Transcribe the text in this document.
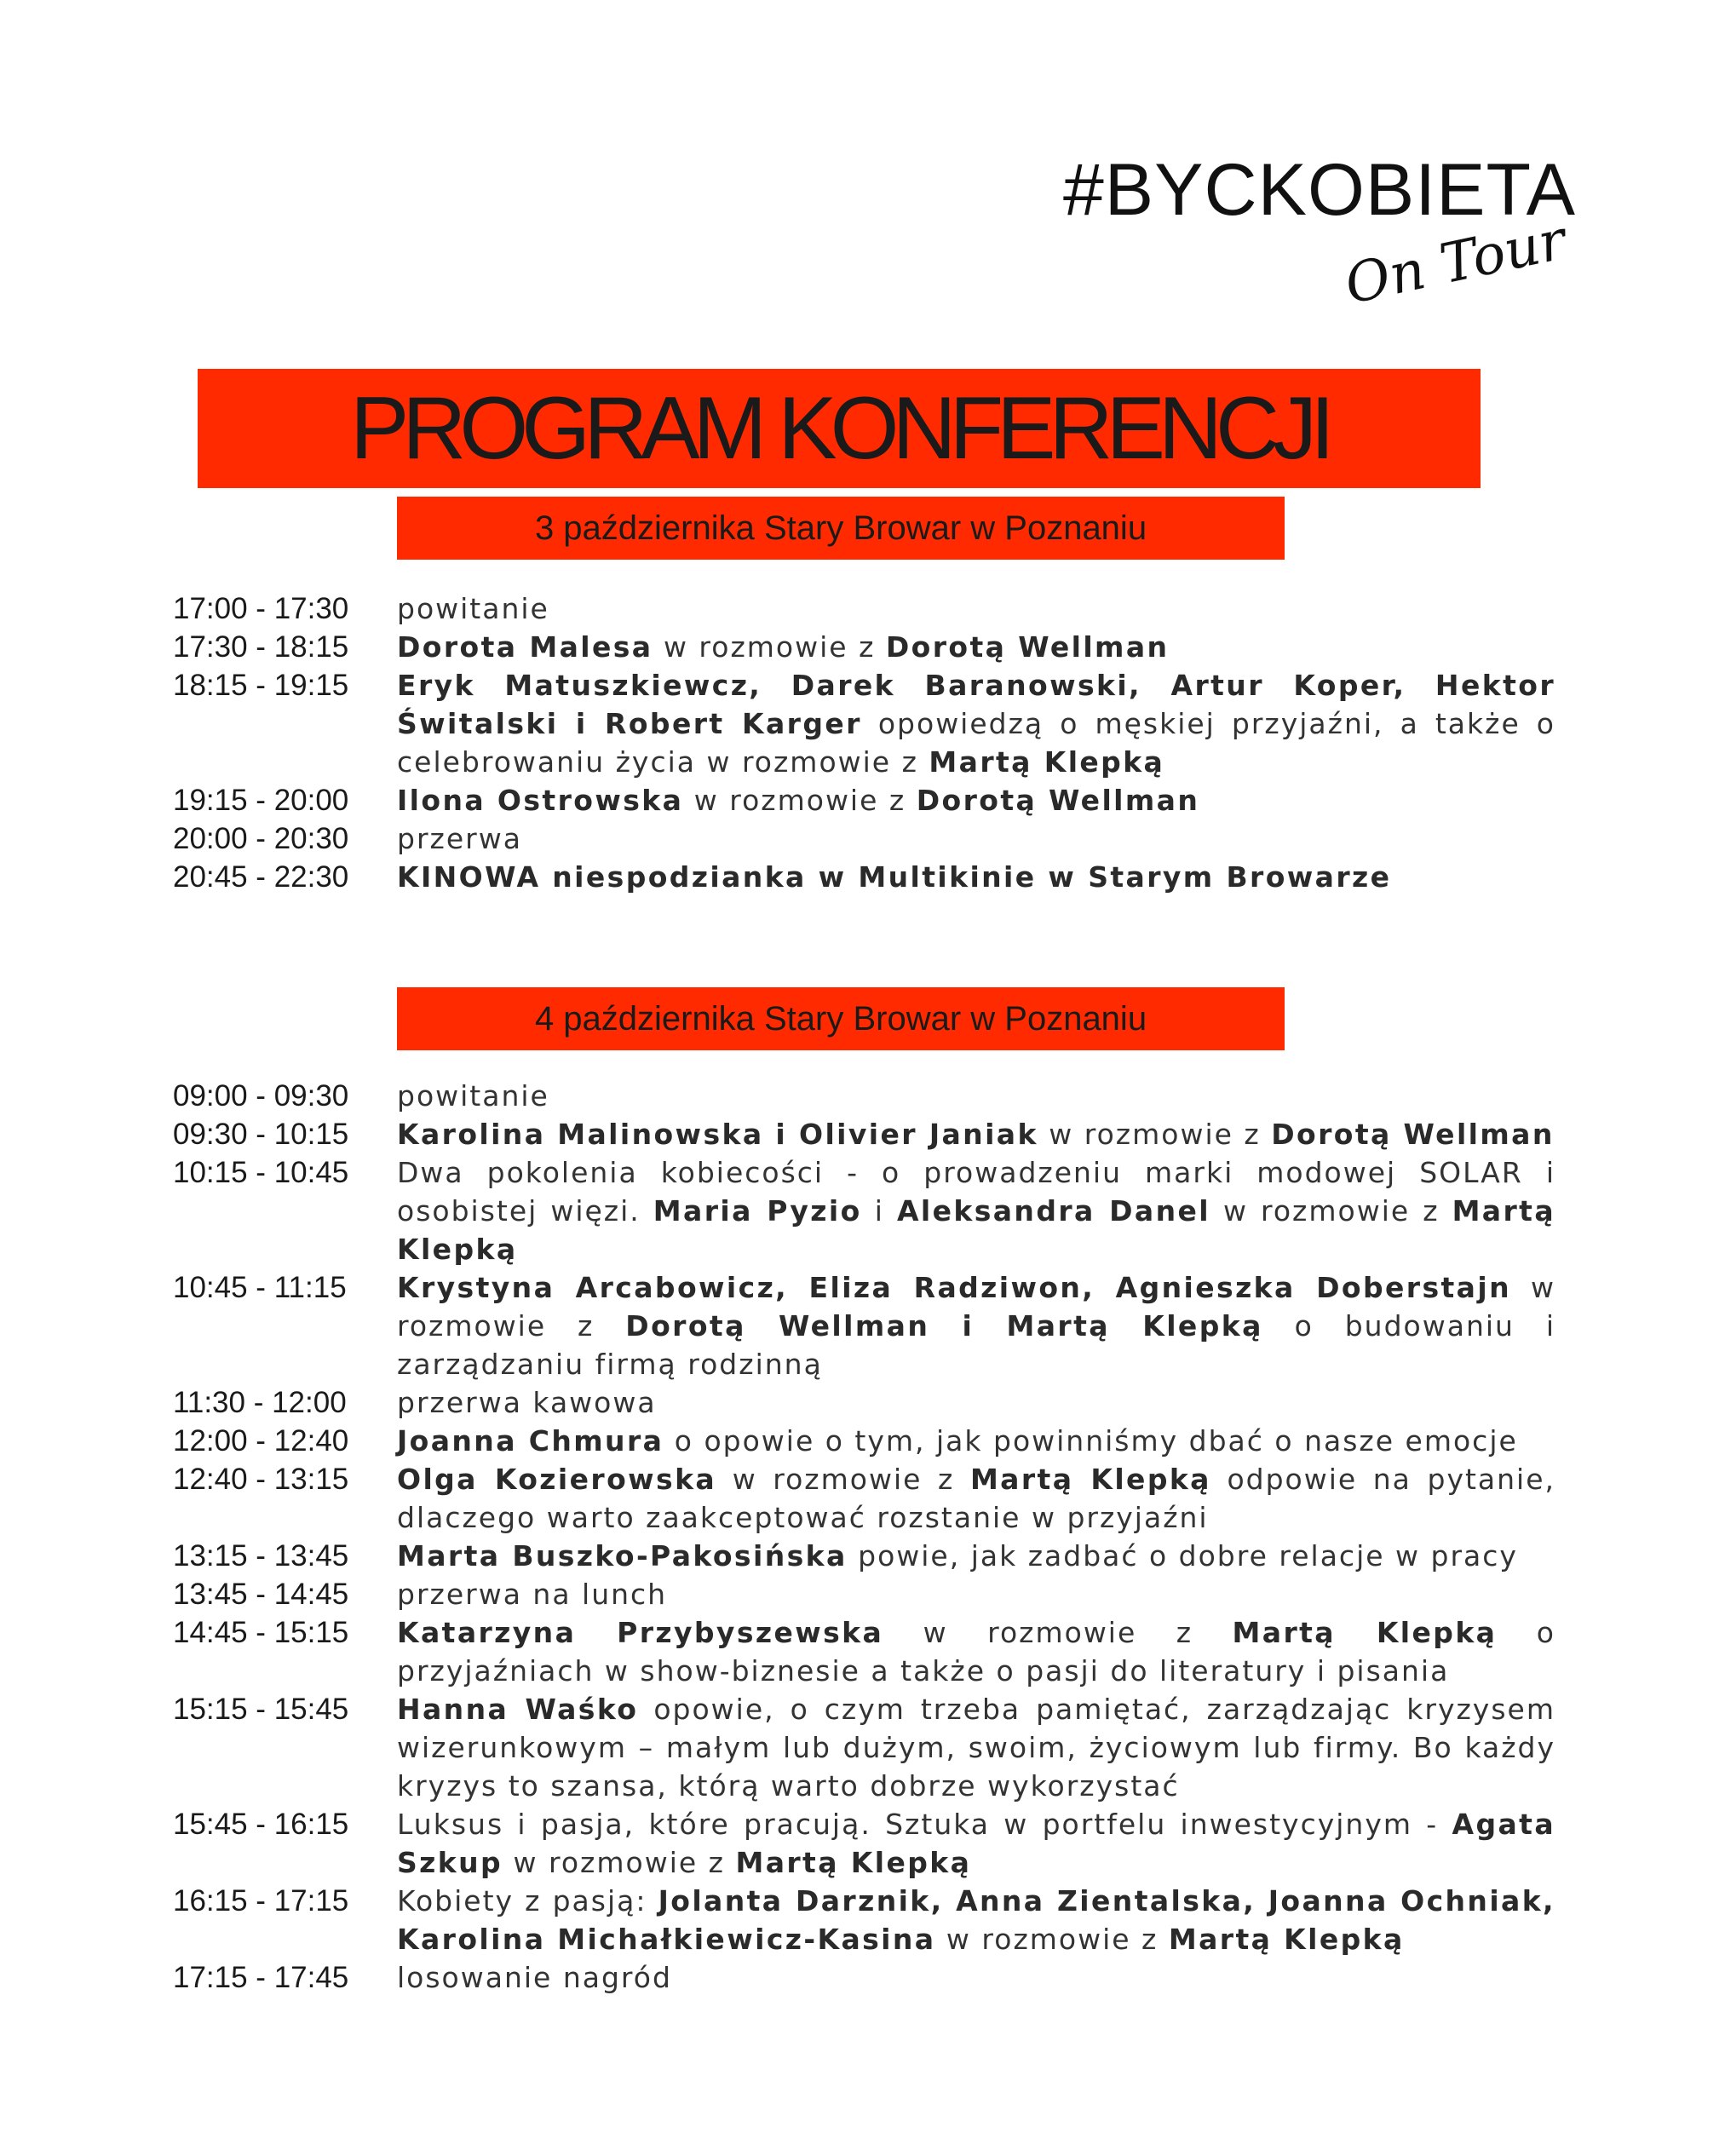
#BYCKOBIETA
On Tour
PROGRAM KONFERENCJI
3 października Stary Browar w Poznaniu
17:00 - 17:30 powitanie
17:30 - 18:15 Dorota Malesa w rozmowie z Dorotą Wellman
18:15 - 19:15 Eryk Matuszkiewcz, Darek Baranowski, Artur Koper, Hektor Świtalski i Robert Karger opowiedzą o męskiej przyjaźni, a także o celebrowaniu życia w rozmowie z Martą Klepką
19:15 - 20:00 Ilona Ostrowska w rozmowie z Dorotą Wellman
20:00 - 20:30 przerwa
20:45 - 22:30 KINOWA niespodzianka w Multikinie w Starym Browarze
4 października Stary Browar w Poznaniu
09:00 - 09:30 powitanie
09:30 - 10:15 Karolina Malinowska i Olivier Janiak w rozmowie z Dorotą Wellman
10:15 - 10:45 Dwa pokolenia kobiecości - o prowadzeniu marki modowej SOLAR i osobistej więzi. Maria Pyzio i Aleksandra Danel w rozmowie z Martą Klepką
10:45 - 11:15 Krystyna Arcabowicz, Eliza Radziwon, Agnieszka Doberstajn w rozmowie z Dorotą Wellman i Martą Klepką o budowaniu i zarządzaniu firmą rodzinną
11:30 - 12:00 przerwa kawowa
12:00 - 12:40 Joanna Chmura o opowie o tym, jak powinniśmy dbać o nasze emocje
12:40 - 13:15 Olga Kozierowska w rozmowie z Martą Klepką odpowie na pytanie, dlaczego warto zaakceptować rozstanie w przyjaźni
13:15 - 13:45 Marta Buszko-Pakosińska powie, jak zadbać o dobre relacje w pracy
13:45 - 14:45 przerwa na lunch
14:45 - 15:15 Katarzyna Przybyszewska w rozmowie z Martą Klepką o przyjaźniach w show-biznesie a także o pasji do literatury i pisania
15:15 - 15:45 Hanna Waśko opowie, o czym trzeba pamiętać, zarządzając kryzysem wizerunkowym – małym lub dużym, swoim, życiowym lub firmy. Bo każdy kryzys to szansa, którą warto dobrze wykorzystać
15:45 - 16:15 Luksus i pasja, które pracują. Sztuka w portfelu inwestycyjnym - Agata Szkup w rozmowie z Martą Klepką
16:15 - 17:15 Kobiety z pasją: Jolanta Darznik, Anna Zientalska, Joanna Ochniak, Karolina Michałkiewicz-Kasina w rozmowie z Martą Klepką
17:15 - 17:45 losowanie nagród
